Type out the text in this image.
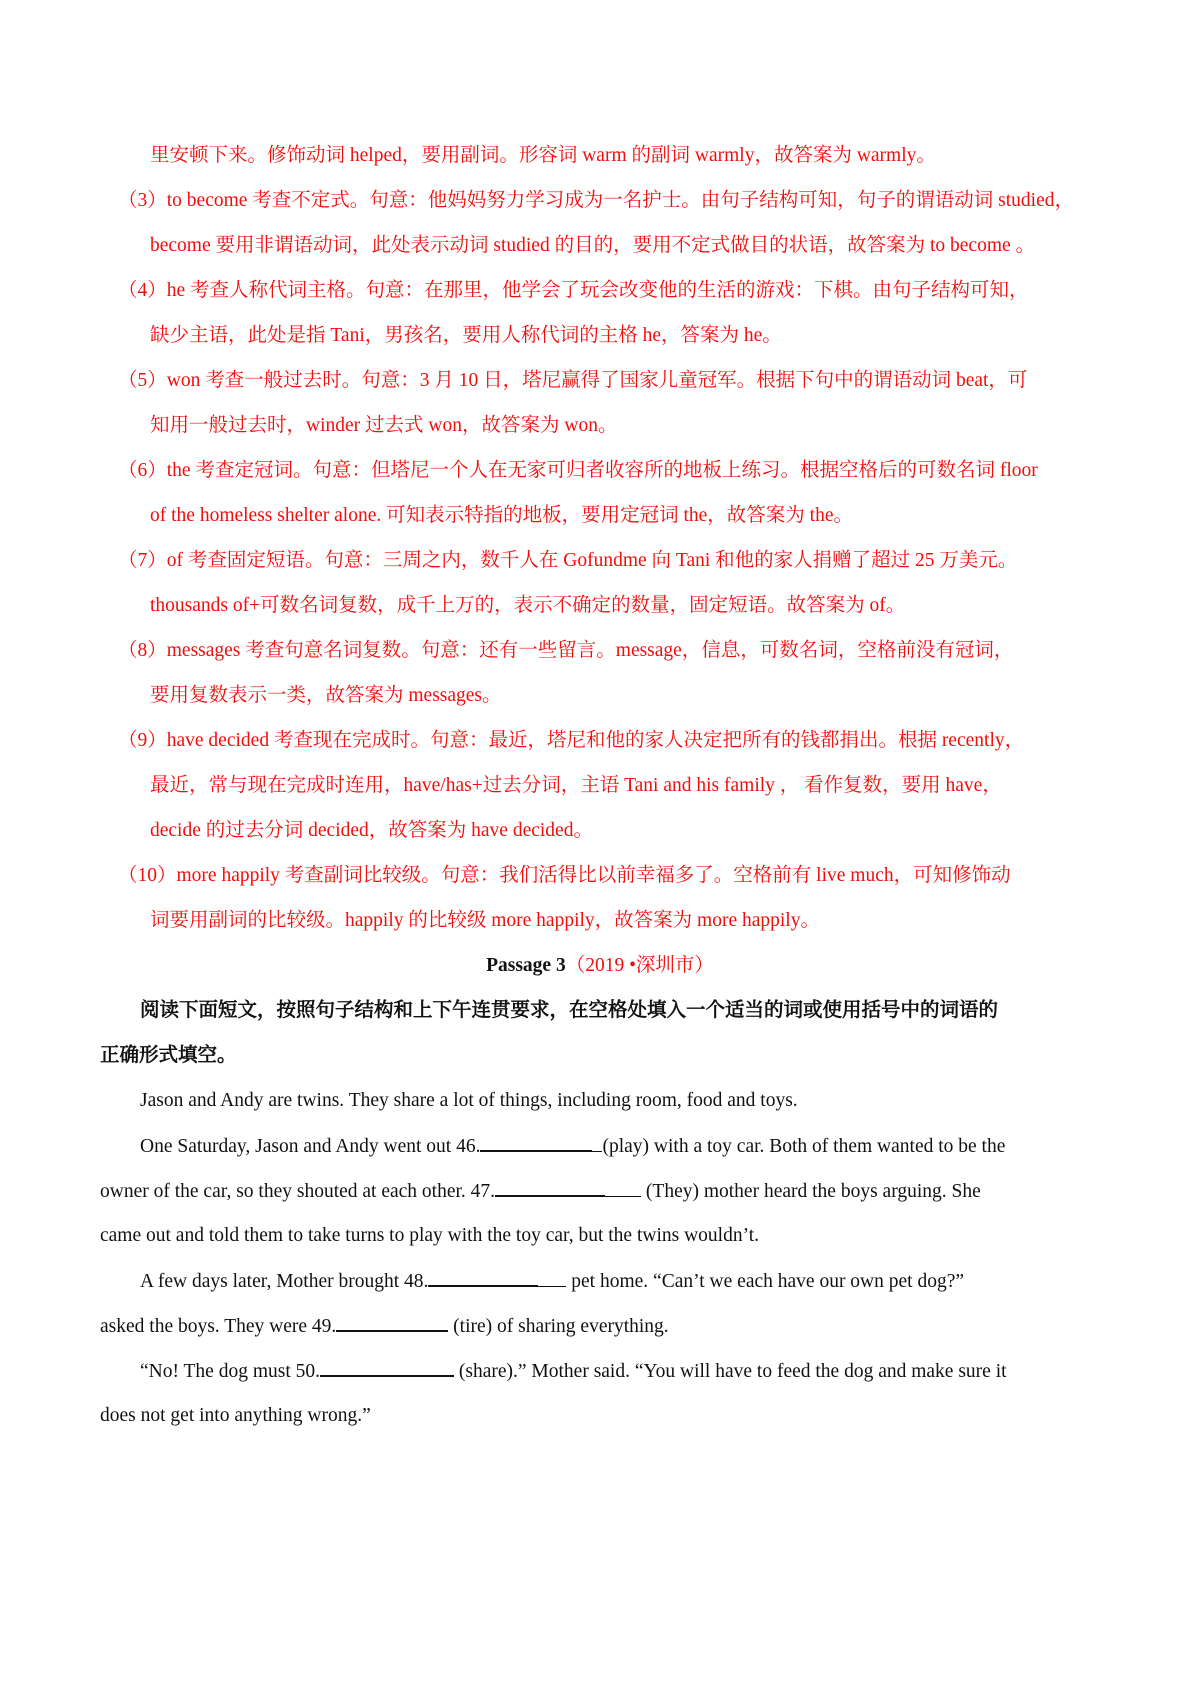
里安顿下来。修饰动词 helped，要用副词。形容词 warm 的副词 warmly，故答案为 warmly。
（3）to become 考查不定式。句意：他妈妈努力学习成为一名护士。由句子结构可知，句子的谓语动词 studied，
become 要用非谓语动词，此处表示动词 studied 的目的，要用不定式做目的状语，故答案为 to become 。
（4）he 考查人称代词主格。句意：在那里，他学会了玩会改变他的生活的游戏：下棋。由句子结构可知，
缺少主语，此处是指 Tani，男孩名，要用人称代词的主格 he，答案为 he。
（5）won 考查一般过去时。句意：3 月 10 日，塔尼赢得了国家儿童冠军。根据下句中的谓语动词 beat，可
知用一般过去时，winder 过去式 won，故答案为 won。
（6）the 考查定冠词。句意：但塔尼一个人在无家可归者收容所的地板上练习。根据空格后的可数名词 floor
of the homeless shelter alone. 可知表示特指的地板，要用定冠词 the，故答案为 the。
（7）of 考查固定短语。句意：三周之内，数千人在 Gofundme 向 Tani 和他的家人捐赠了超过 25 万美元。
thousands of+可数名词复数，成千上万的，表示不确定的数量，固定短语。故答案为 of。
（8）messages 考查句意名词复数。句意：还有一些留言。message，信息，可数名词，空格前没有冠词，
要用复数表示一类，故答案为 messages。
（9）have decided 考查现在完成时。句意：最近，塔尼和他的家人决定把所有的钱都捐出。根据 recently，
最近，常与现在完成时连用，have/has+过去分词，主语 Tani and his family ， 看作复数，要用 have，
decide 的过去分词 decided，故答案为 have decided。
（10）more happily 考查副词比较级。句意：我们活得比以前幸福多了。空格前有 live much，可知修饰动
词要用副词的比较级。happily 的比较级 more happily，故答案为 more happily。
Passage 3（2019 •深圳市）
阅读下面短文，按照句子结构和上下午连贯要求，在空格处填入一个适当的词或使用括号中的词语的
正确形式填空。
Jason and Andy are twins. They share a lot of things, including room, food and toys.
One Saturday, Jason and Andy went out 46.	(play) with a toy car. Both of them wanted to be the
owner of the car, so they shouted at each other. 47.	(They) mother heard the boys arguing. She
came out and told them to take turns to play with the toy car, but the twins wouldn’t.
A few days later, Mother brought 48.	pet home. “Can’t we each have our own pet dog?”
asked the boys. They were 49.	(tire) of sharing everything.
“No! The dog must 50.	(share).” Mother said. “You will have to feed the dog and make sure it
does not get into anything wrong.”
